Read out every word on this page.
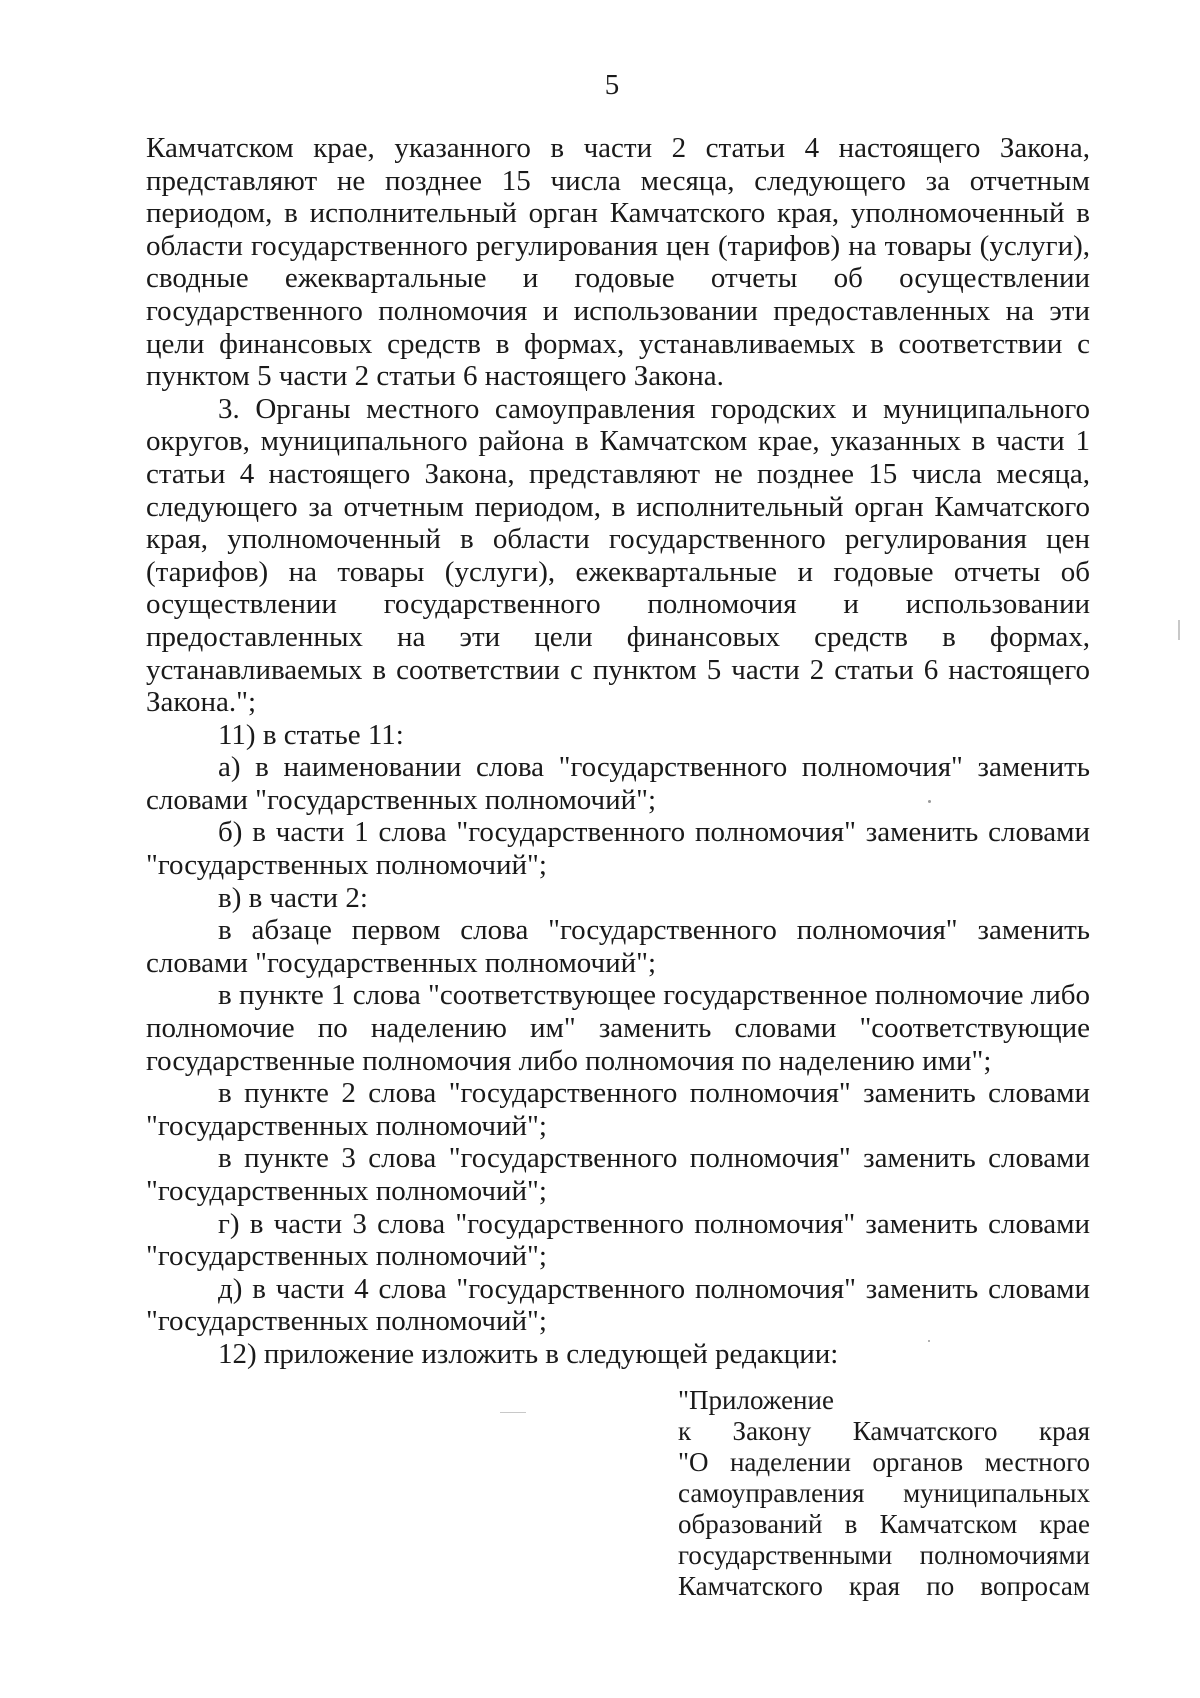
5

Камчатском крае, указанного в части 2 статьи 4 настоящего Закона, представляют не позднее 15 числа месяца, следующего за отчетным периодом, в исполнительный орган Камчатского края, уполномоченный в области государственного регулирования цен (тарифов) на товары (услуги), сводные ежеквартальные и годовые отчеты об осуществлении государственного полномочия и использовании предоставленных на эти цели финансовых средств в формах, устанавливаемых в соответствии с пунктом 5 части 2 статьи 6 настоящего Закона.

3. Органы местного самоуправления городских и муниципального округов, муниципального района в Камчатском крае, указанных в части 1 статьи 4 настоящего Закона, представляют не позднее 15 числа месяца, следующего за отчетным периодом, в исполнительный орган Камчатского края, уполномоченный в области государственного регулирования цен (тарифов) на товары (услуги), ежеквартальные и годовые отчеты об осуществлении государственного полномочия и использовании предоставленных на эти цели финансовых средств в формах, устанавливаемых в соответствии с пунктом 5 части 2 статьи 6 настоящего Закона.";

11) в статье 11:

а) в наименовании слова "государственного полномочия" заменить словами "государственных полномочий";

б) в части 1 слова "государственного полномочия" заменить словами "государственных полномочий";

в) в части 2:

в абзаце первом слова "государственного полномочия" заменить словами "государственных полномочий";

в пункте 1 слова "соответствующее государственное полномочие либо полномочие по наделению им" заменить словами "соответствующие государственные полномочия либо полномочия по наделению ими";

в пункте 2 слова "государственного полномочия" заменить словами "государственных полномочий";

в пункте 3 слова "государственного полномочия" заменить словами "государственных полномочий";

г) в части 3 слова "государственного полномочия" заменить словами "государственных полномочий";

д) в части 4 слова "государственного полномочия" заменить словами "государственных полномочий";

12) приложение изложить в следующей редакции:

"Приложение
к Закону Камчатского края
"О наделении органов местного
самоуправления муниципальных
образований в Камчатском крае
государственными полномочиями
Камчатского края по вопросам
